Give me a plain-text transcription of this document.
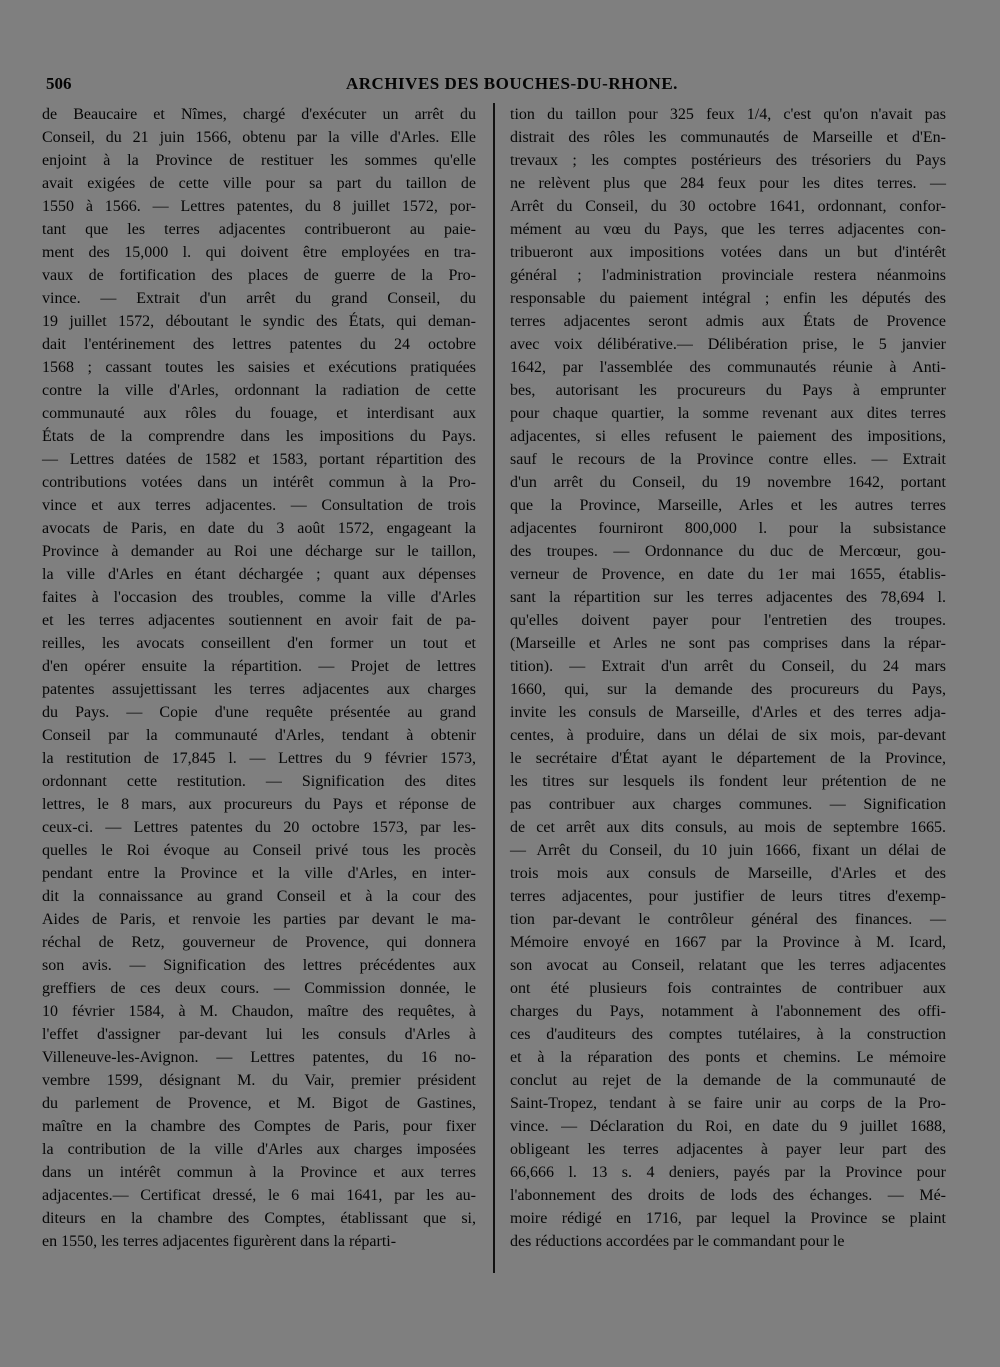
506	ARCHIVES DES BOUCHES-DU-RHONE.
de Beaucaire et Nîmes, chargé d'exécuter un arrêt du
Conseil, du 21 juin 1566, obtenu par la ville d'Arles. Elle
enjoint à la Province de restituer les sommes qu'elle
avait exigées de cette ville pour sa part du taillon de
1550 à 1566. — Lettres patentes, du 8 juillet 1572, por-
tant que les terres adjacentes contribueront au paie-
ment des 15,000 l. qui doivent être employées en tra-
vaux de fortification des places de guerre de la Pro-
vince. — Extrait d'un arrêt du grand Conseil, du
19 juillet 1572, déboutant le syndic des États, qui deman-
dait l'entérinement des lettres patentes du 24 octobre
1568 ; cassant toutes les saisies et exécutions pratiquées
contre la ville d'Arles, ordonnant la radiation de cette
communauté aux rôles du fouage, et interdisant aux
États de la comprendre dans les impositions du Pays.
— Lettres datées de 1582 et 1583, portant répartition des
contributions votées dans un intérêt commun à la Pro-
vince et aux terres adjacentes. — Consultation de trois
avocats de Paris, en date du 3 août 1572, engageant la
Province à demander au Roi une décharge sur le taillon,
la ville d'Arles en étant déchargée ; quant aux dépenses
faites à l'occasion des troubles, comme la ville d'Arles
et les terres adjacentes soutiennent en avoir fait de pa-
reilles, les avocats conseillent d'en former un tout et
d'en opérer ensuite la répartition. — Projet de lettres
patentes assujettissant les terres adjacentes aux charges
du Pays. — Copie d'une requête présentée au grand
Conseil par la communauté d'Arles, tendant à obtenir
la restitution de 17,845 l. — Lettres du 9 février 1573,
ordonnant cette restitution. — Signification des dites
lettres, le 8 mars, aux procureurs du Pays et réponse de
ceux-ci. — Lettres patentes du 20 octobre 1573, par les-
quelles le Roi évoque au Conseil privé tous les procès
pendant entre la Province et la ville d'Arles, en inter-
dit la connaissance au grand Conseil et à la cour des
Aides de Paris, et renvoie les parties par devant le ma-
réchal de Retz, gouverneur de Provence, qui donnera
son avis. — Signification des lettres précédentes aux
greffiers de ces deux cours. — Commission donnée, le
10 février 1584, à M. Chaudon, maître des requêtes, à
l'effet d'assigner par-devant lui les consuls d'Arles à
Villeneuve-les-Avignon. — Lettres patentes, du 16 no-
vembre 1599, désignant M. du Vair, premier président
du parlement de Provence, et M. Bigot de Gastines,
maître en la chambre des Comptes de Paris, pour fixer
la contribution de la ville d'Arles aux charges imposées
dans un intérêt commun à la Province et aux terres
adjacentes.— Certificat dressé, le 6 mai 1641, par les au-
diteurs en la chambre des Comptes, établissant que si,
en 1550, les terres adjacentes figurèrent dans la réparti-
tion du taillon pour 325 feux 1/4, c'est qu'on n'avait pas
distrait des rôles les communautés de Marseille et d'En-
trevaux ; les comptes postérieurs des trésoriers du Pays
ne relèvent plus que 284 feux pour les dites terres. —
Arrêt du Conseil, du 30 octobre 1641, ordonnant, confor-
mément au vœu du Pays, que les terres adjacentes con-
tribueront aux impositions votées dans un but d'intérêt
général ; l'administration provinciale restera néanmoins
responsable du paiement intégral ; enfin les députés des
terres adjacentes seront admis aux États de Provence
avec voix délibérative.— Délibération prise, le 5 janvier
1642, par l'assemblée des communautés réunie à Anti-
bes, autorisant les procureurs du Pays à emprunter
pour chaque quartier, la somme revenant aux dites terres
adjacentes, si elles refusent le paiement des impositions,
sauf le recours de la Province contre elles. — Extrait
d'un arrêt du Conseil, du 19 novembre 1642, portant
que la Province, Marseille, Arles et les autres terres
adjacentes fourniront 800,000 l. pour la subsistance
des troupes. — Ordonnance du duc de Mercœur, gou-
verneur de Provence, en date du 1er mai 1655, établis-
sant la répartition sur les terres adjacentes des 78,694 l.
qu'elles doivent payer pour l'entretien des troupes.
(Marseille et Arles ne sont pas comprises dans la répar-
tition). — Extrait d'un arrêt du Conseil, du 24 mars
1660, qui, sur la demande des procureurs du Pays,
invite les consuls de Marseille, d'Arles et des terres adja-
centes, à produire, dans un délai de six mois, par-devant
le secrétaire d'État ayant le département de la Province,
les titres sur lesquels ils fondent leur prétention de ne
pas contribuer aux charges communes. — Signification
de cet arrêt aux dits consuls, au mois de septembre 1665.
— Arrêt du Conseil, du 10 juin 1666, fixant un délai de
trois mois aux consuls de Marseille, d'Arles et des
terres adjacentes, pour justifier de leurs titres d'exemp-
tion par-devant le contrôleur général des finances. —
Mémoire envoyé en 1667 par la Province à M. Icard,
son avocat au Conseil, relatant que les terres adjacentes
ont été plusieurs fois contraintes de contribuer aux
charges du Pays, notamment à l'abonnement des offi-
ces d'auditeurs des comptes tutélaires, à la construction
et à la réparation des ponts et chemins. Le mémoire
conclut au rejet de la demande de la communauté de
Saint-Tropez, tendant à se faire unir au corps de la Pro-
vince. — Déclaration du Roi, en date du 9 juillet 1688,
obligeant les terres adjacentes à payer leur part des
66,666 l. 13 s. 4 deniers, payés par la Province pour
l'abonnement des droits de lods des échanges. — Mé-
moire rédigé en 1716, par lequel la Province se plaint
des réductions accordées par le commandant pour le
